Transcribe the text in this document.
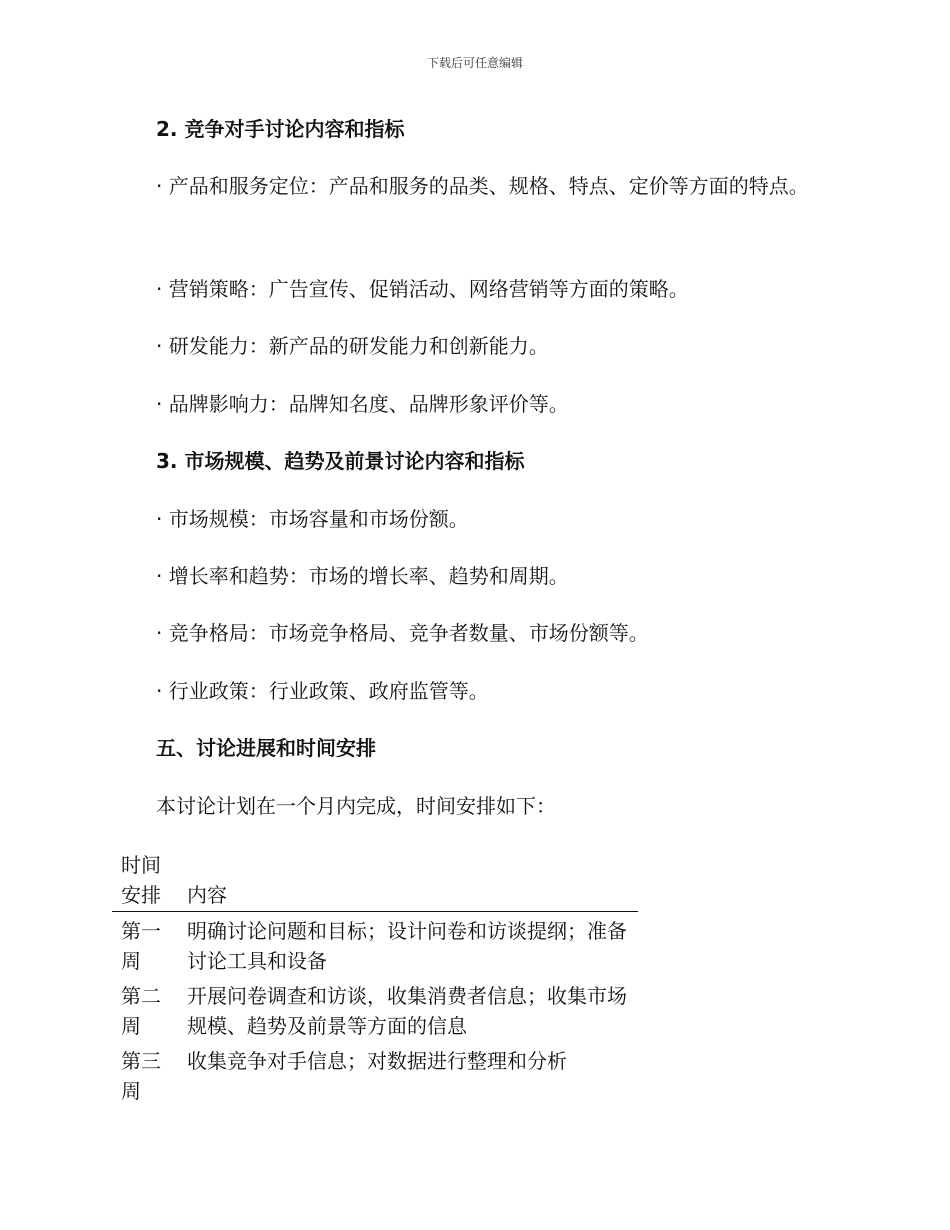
下载后可任意编辑
2. 竞争对手讨论内容和指标
· 产品和服务定位：产品和服务的品类、规格、特点、定价等方面的特点。
· 营销策略：广告宣传、促销活动、网络营销等方面的策略。
· 研发能力：新产品的研发能力和创新能力。
· 品牌影响力：品牌知名度、品牌形象评价等。
3. 市场规模、趋势及前景讨论内容和指标
· 市场规模：市场容量和市场份额。
· 增长率和趋势：市场的增长率、趋势和周期。
· 竞争格局：市场竞争格局、竞争者数量、市场份额等。
· 行业政策：行业政策、政府监管等。
五、讨论进展和时间安排
本讨论计划在一个月内完成，时间安排如下：
时间安排	内容
第一周
明确讨论问题和目标；设计问卷和访谈提纲；准备讨论工具和设备
第二周
开展问卷调查和访谈，收集消费者信息；收集市场规模、趋势及前景等方面的信息
第三周
收集竞争对手信息；对数据进行整理和分析
